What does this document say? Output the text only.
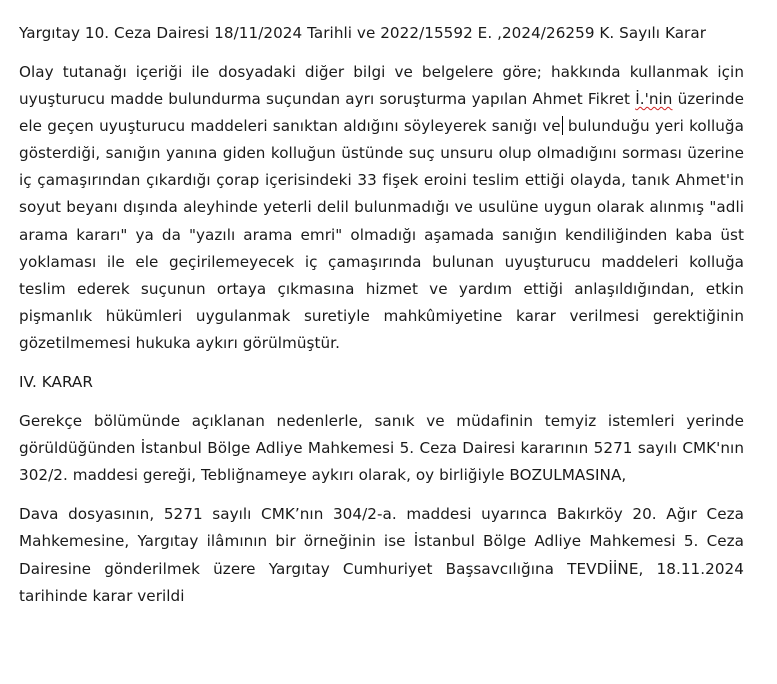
Yargıtay 10. Ceza Dairesi 18/11/2024 Tarihli ve 2022/15592 E. ,2024/26259 K. Sayılı Karar

Olay tutanağı içeriği ile dosyadaki diğer bilgi ve belgelere göre; hakkında kullanmak için uyuşturucu madde bulundurma suçundan ayrı soruşturma yapılan Ahmet Fikret İ.'nin üzerinde ele geçen uyuşturucu maddeleri sanıktan aldığını söyleyerek sanığı ve bulunduğu yeri kolluğa gösterdiği, sanığın yanına giden kolluğun üstünde suç unsuru olup olmadığını sorması üzerine iç çamaşırından çıkardığı çorap içerisindeki 33 fişek eroini teslim ettiği olayda, tanık Ahmet'in soyut beyanı dışında aleyhinde yeterli delil bulunmadığı ve usulüne uygun olarak alınmış "adli arama kararı" ya da "yazılı arama emri" olmadığı aşamada sanığın kendiliğinden kaba üst yoklaması ile ele geçirilemeyecek iç çamaşırında bulunan uyuşturucu maddeleri kolluğa teslim ederek suçunun ortaya çıkmasına hizmet ve yardım ettiği anlaşıldığından, etkin pişmanlık hükümleri uygulanmak suretiyle mahkûmiyetine karar verilmesi gerektiğinin gözetilmemesi hukuka aykırı görülmüştür.

IV. KARAR

Gerekçe bölümünde açıklanan nedenlerle, sanık ve müdafinin temyiz istemleri yerinde görüldüğünden İstanbul Bölge Adliye Mahkemesi 5. Ceza Dairesi kararının 5271 sayılı CMK'nın 302/2. maddesi gereği, Tebliğnameye aykırı olarak, oy birliğiyle BOZULMASINA,

Dava dosyasının, 5271 sayılı CMK’nın 304/2-a. maddesi uyarınca Bakırköy 20. Ağır Ceza Mahkemesine, Yargıtay ilâmının bir örneğinin ise İstanbul Bölge Adliye Mahkemesi 5. Ceza Dairesine gönderilmek üzere Yargıtay Cumhuriyet Başsavcılığına TEVDİİNE, 18.11.2024 tarihinde karar verildi
